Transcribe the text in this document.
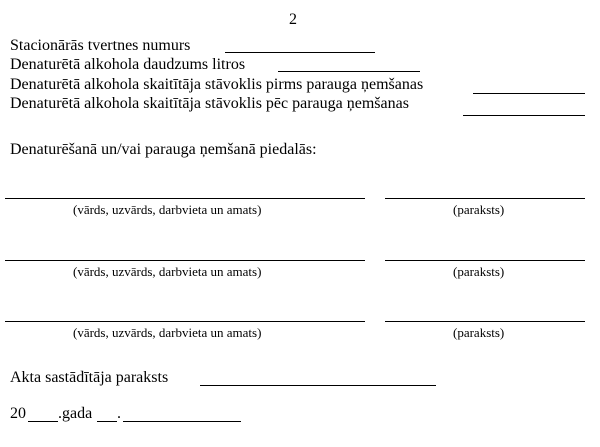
2
Stacionārās tvertnes numurs
Denaturētā alkohola daudzums litros
Denaturētā alkohola skaitītāja stāvoklis pirms parauga ņemšanas
Denaturētā alkohola skaitītāja stāvoklis pēc parauga ņemšanas
Denaturēšanā un/vai parauga ņemšanā piedalās:
(vārds, uzvārds, darbvieta un amats)	(paraksts)
(vārds, uzvārds, darbvieta un amats)	(paraksts)
(vārds, uzvārds, darbvieta un amats)	(paraksts)
Akta sastādītāja paraksts
20 .gada .
